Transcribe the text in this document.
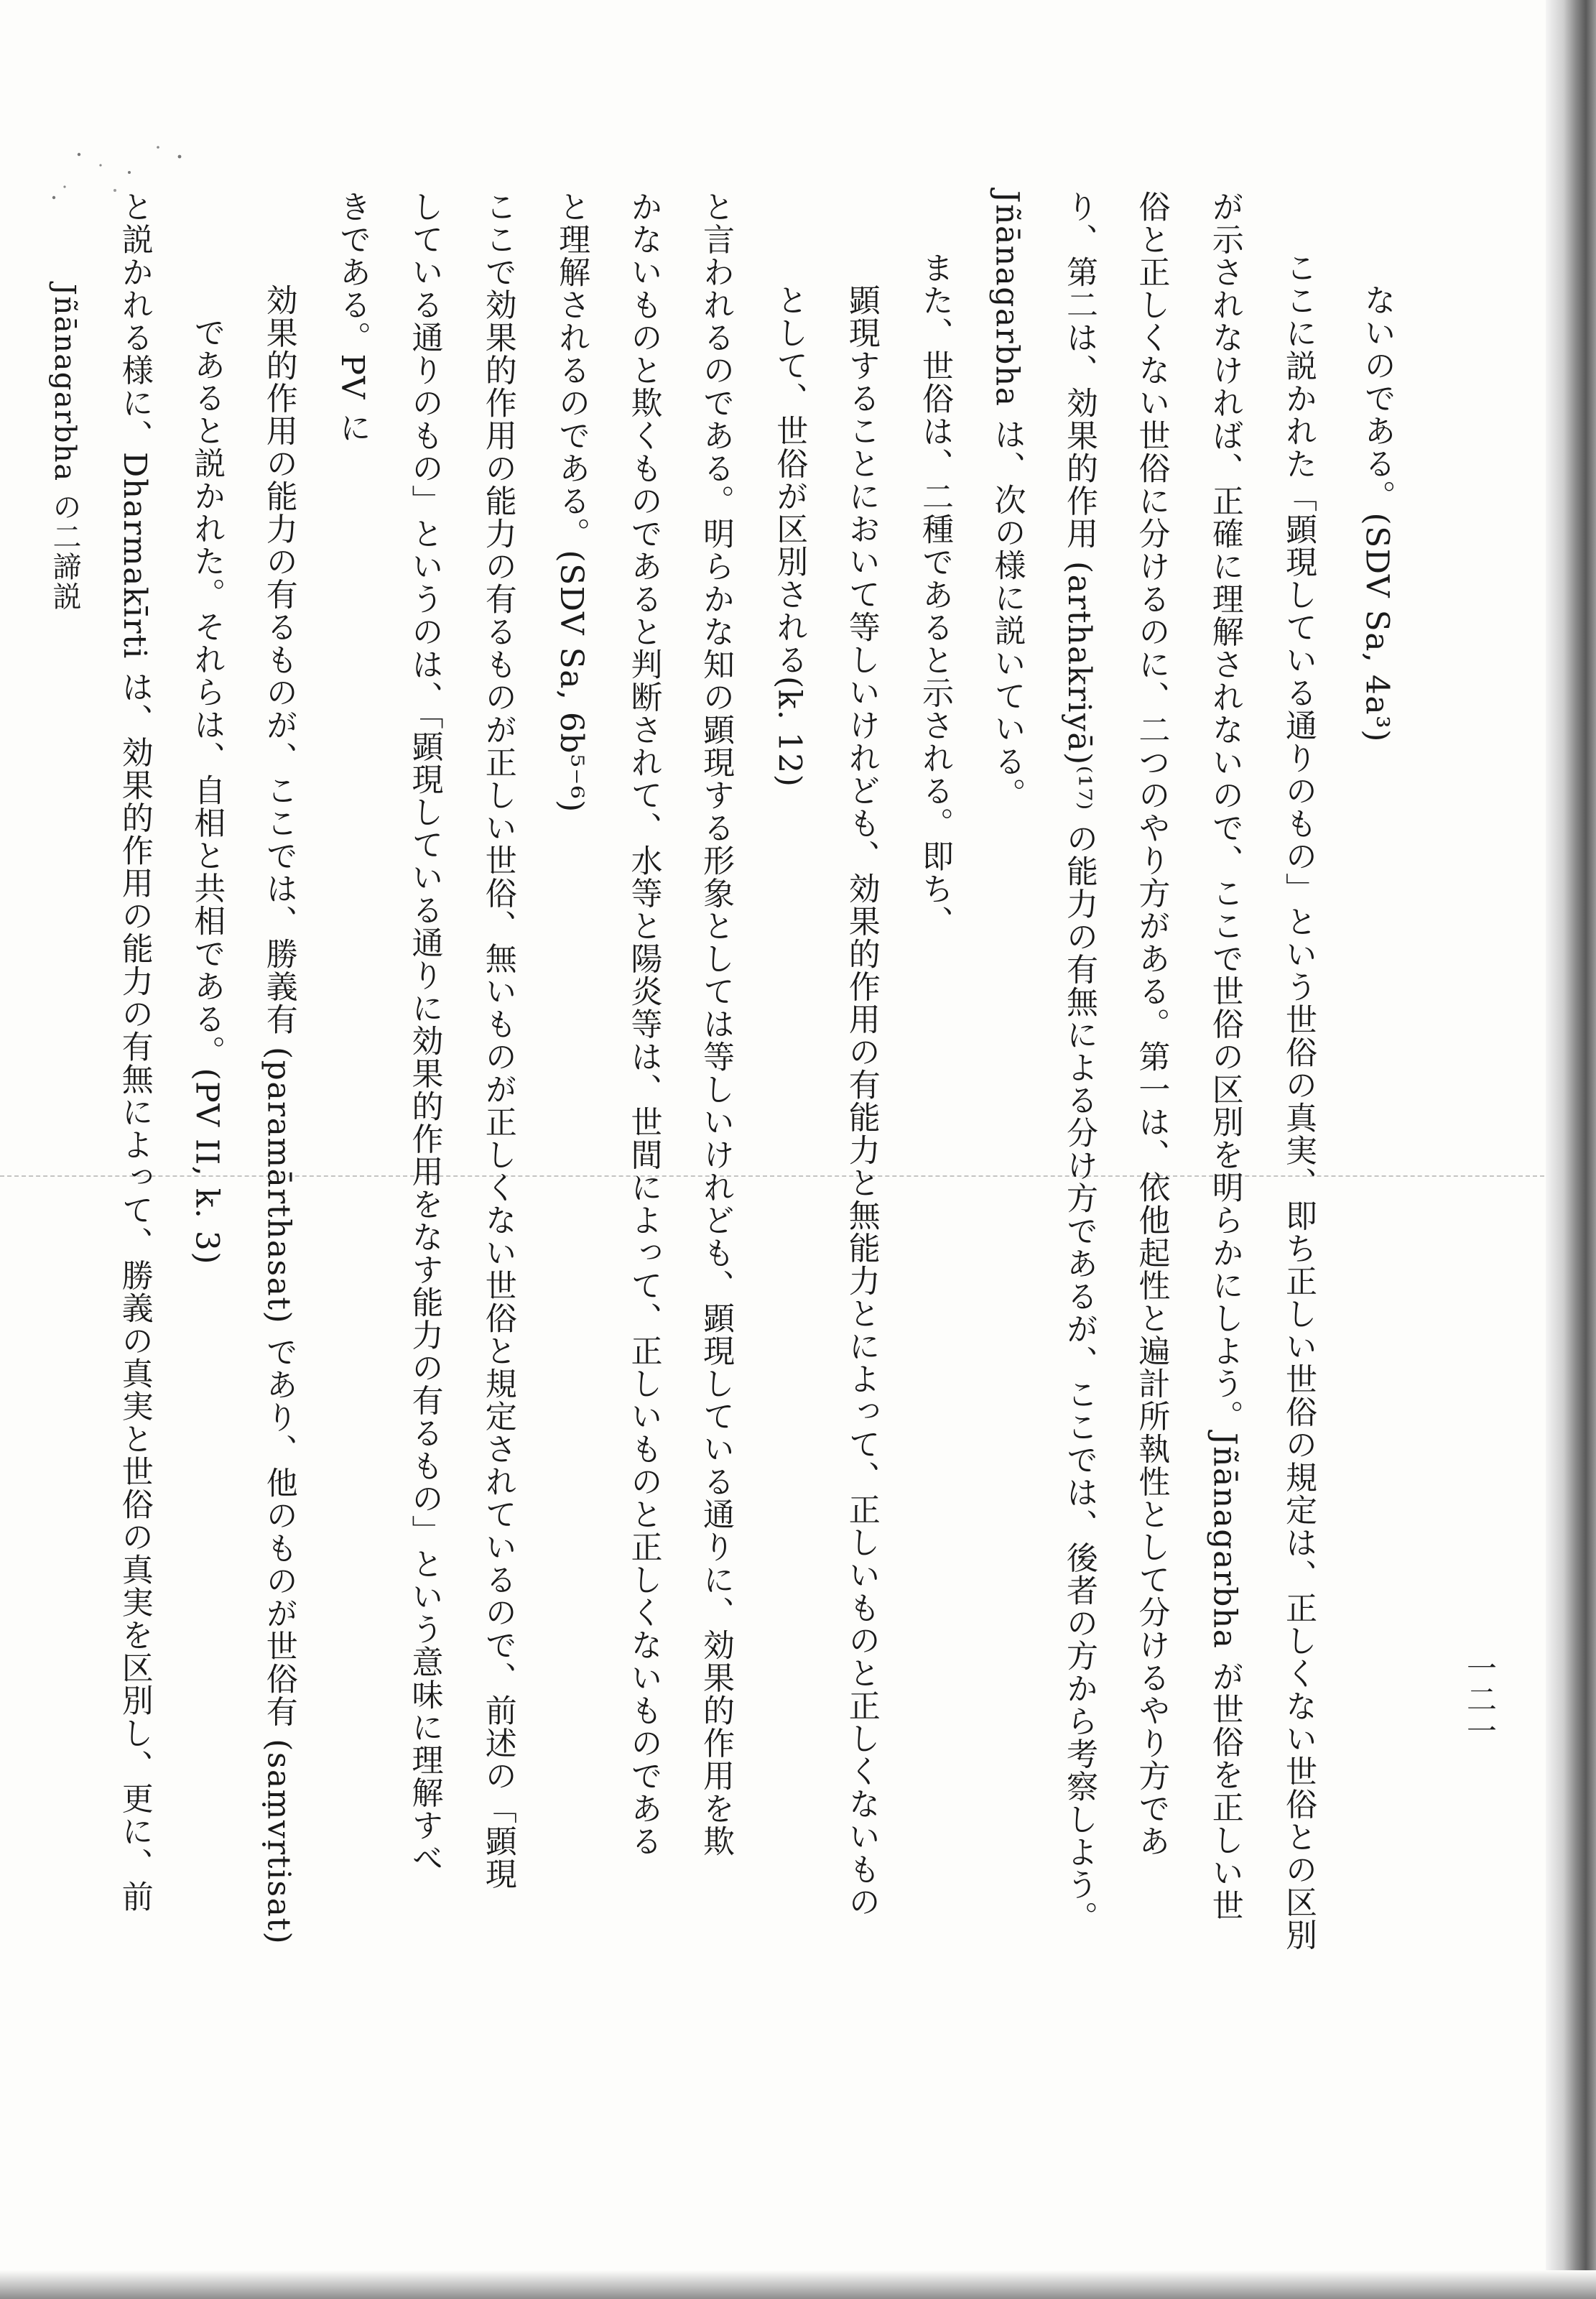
一二一
ないのである。(SDV Sa, 4a³)
ここに説かれた「顕現している通りのもの」という世俗の真実、即ち正しい世俗の規定は、正しくない世俗との区別
が示されなければ、正確に理解されないので、ここで世俗の区別を明らかにしよう。Jñānagarbha が世俗を正しい世
俗と正しくない世俗に分けるのに、二つのやり方がある。第一は、依他起性と遍計所執性として分けるやり方であ
り、第二は、効果的作用 (arthakriyā)⁽¹⁷⁾ の能力の有無による分け方であるが、ここでは、後者の方から考察しよう。
Jñānagarbha は、次の様に説いている。
また、世俗は、二種であると示される。即ち、
顕現することにおいて等しいけれども、効果的作用の有能力と無能力とによって、正しいものと正しくないもの
として、世俗が区別される(k. 12)
と言われるのである。明らかな知の顕現する形象としては等しいけれども、顕現している通りに、効果的作用を欺
かないものと欺くものであると判断されて、水等と陽炎等は、世間によって、正しいものと正しくないものである
と理解されるのである。(SDV Sa, 6b⁵⁻⁶)
ここで効果的作用の能力の有るものが正しい世俗、無いものが正しくない世俗と規定されているので、前述の「顕現
している通りのもの」というのは、「顕現している通りに効果的作用をなす能力の有るもの」という意味に理解すべ
きである。PV に
効果的作用の能力の有るものが、ここでは、勝義有 (paramārthasat) であり、他のものが世俗有 (saṃvṛtisat)
であると説かれた。それらは、自相と共相である。(PV II, k. 3)
と説かれる様に、Dharmakīrti は、効果的作用の能力の有無によって、勝義の真実と世俗の真実を区別し、更に、前
Jñānagarbha の二諦説
